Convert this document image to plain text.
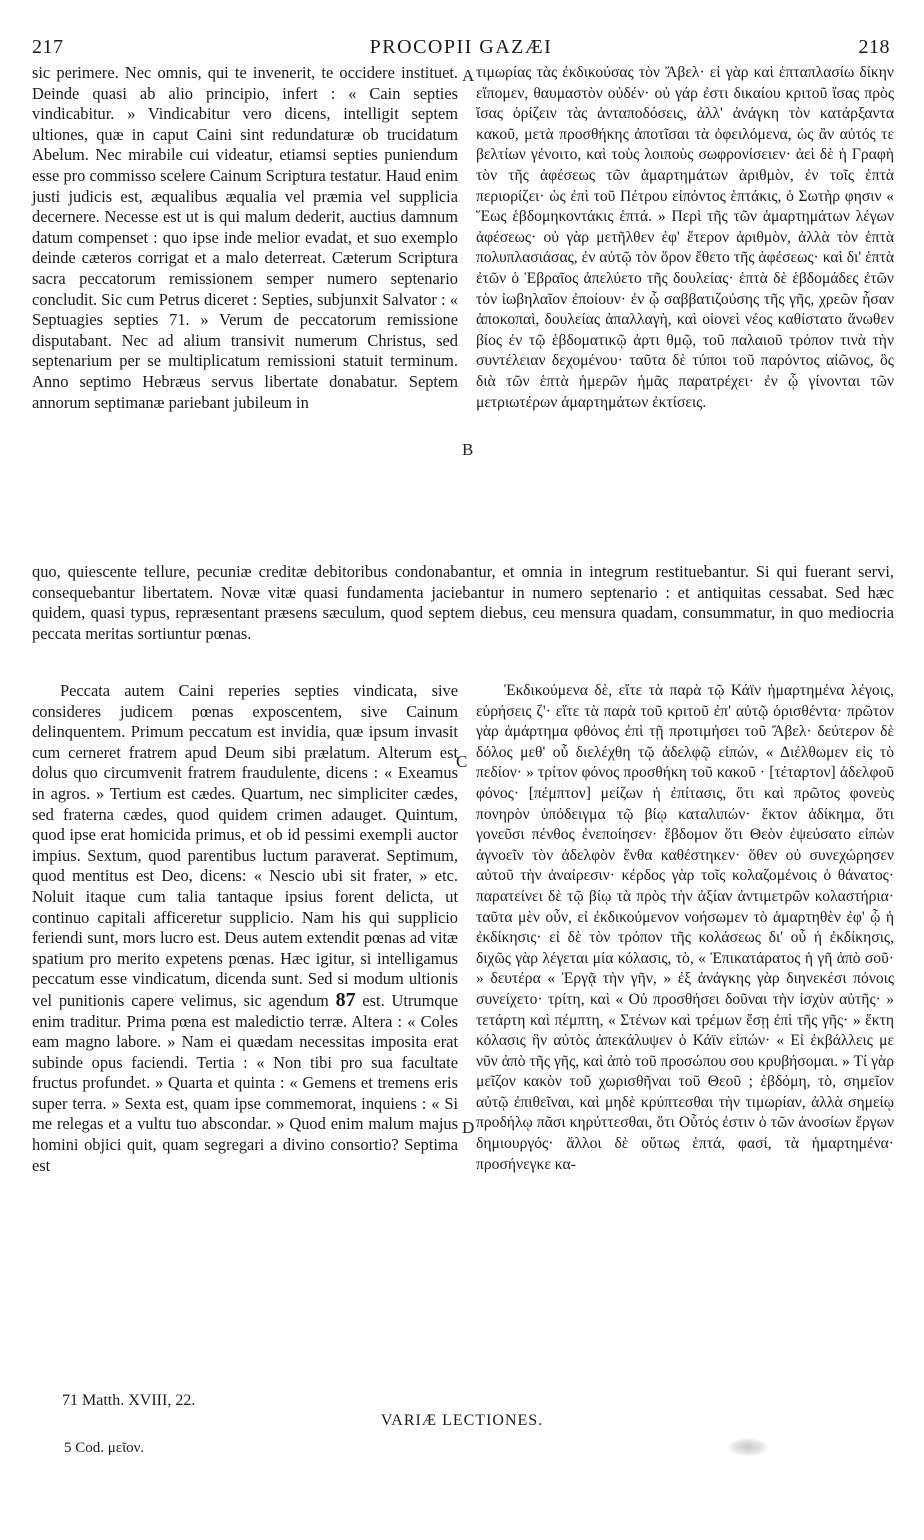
217	PROCOPII GAZÆI	218

sic perimere. Nec omnis, qui te invenerit, te occidere instituet. Deinde quasi ab alio principio, infert : « Cain septies vindicabitur. » Vindicabitur vero dicens, intelligit septem ultiones, quæ in caput Caini sint redundaturæ ob trucidatum Abelum. Nec mirabile cui videatur, etiamsi septies puniendum esse pro commisso scelere Cainum Scriptura testatur. Haud enim justi judicis est, æqualibus æqualia vel præmia vel supplicia decernere. Necesse est ut is qui malum dederit, auctius damnum datum compenset : quo ipse inde melior evadat, et suo exemplo deinde cæteros corrigat et a malo deterreat. Cæterum Scriptura sacra peccatorum remissionem semper numero septenario concludit. Sic cum Petrus diceret : Septies, subjunxit Salvator : « Septuagies septies 71. » Verum de peccatorum remissione disputabant. Nec ad alium transivit numerum Christus, sed septenarium per se multiplicatum remissioni statuit terminum. Anno septimo Hebræus servus libertate donabatur. Septem annorum septimanæ pariebant jubileum in

A τιμωρίας τὰς ἐκδικούσας τὸν Ἄβελ· εἰ γὰρ καὶ ἑπταπλασίω δίκην εἴπομεν, θαυμαστὸν οὐδέν· οὐ γάρ ἐστι δικαίου κριτοῦ ἴσας πρὸς ἴσας ὁρίζειν τὰς ἀνταποδόσεις, ἀλλ' ἀνάγκη τὸν κατάρξαντα κακοῦ, μετὰ προσθήκης ἀποτῖσαι τὰ ὀφειλόμενα, ὡς ἂν αὐτός τε βελτίων γένοιτο, καὶ τοὺς λοιποὺς σωφρονίσειεν· ἀεὶ δὲ ἡ Γραφὴ τὸν τῆς ἀφέσεως τῶν ἁμαρτημάτων ἀριθμὸν, ἐν τοῖς ἑπτὰ περιορίζει· ὡς ἐπὶ τοῦ Πέτρου εἰπόντος ἑπτάκις, ὁ Σωτὴρ φησιν « Ἕως ἑβδομηκοντάκις ἑπτά. » Περὶ τῆς τῶν ἁμαρτημάτων λέγων ἀφέσεως· οὐ γὰρ μετῆλθεν ἐφ' ἕτερον ἀριθμὸν, ἀλλὰ τὸν ἑπτὰ πολυπλασιάσας, ἐν αὐτῷ τὸν ὅρον ἔθετο τῆς ἀφέσεως· καὶ δι' ἑπτὰ ἐτῶν ὁ Ἑβραῖος ἀπελύετο τῆς δουλείας· ἑπτὰ δὲ ἑβδομάδες ἐτῶν τὸν ἰωβηλαῖον ἐποίουν· ἐν ᾧ σαββατιζούσης τῆς γῆς, χρεῶν ἦσαν ἀποκοπαὶ, δουλείας ἀπαλλαγὴ, καὶ οἱονεὶ νέος καθίστατο ἄνωθεν βίος ἐν τῷ ἑβδοματικῷ ἀρτι θμῷ, τοῦ παλαιοῦ τρόπον τινὰ τὴν συντέλειαν δεχομένου· ταῦτα δὲ τύποι τοῦ παρόντος αἰῶνος, ὃς διὰ τῶν ἑπτὰ ἡμερῶν ἡμᾶς παρατρέχει· ἐν ᾧ γίνονται τῶν μετριωτέρων ἁμαρτημάτων ἐκτίσεις.

B

quo, quiescente tellure, pecuniæ creditæ debitoribus condonabantur, et omnia in integrum restituebantur. Si qui fuerant servi, consequebantur libertatem. Novæ vitæ quasi fundamenta jaciebantur in numero septenario : et antiquitas cessabat. Sed hæc quidem, quasi typus, repræsentant præsens sæculum, quod septem diebus, ceu mensura quadam, consummatur, in quo mediocria peccata meritas sortiuntur pœnas.

Peccata autem Caini reperies septies vindicata, sive consideres judicem pœnas exposcentem, sive Cainum delinquentem. Primum peccatum est invidia, quæ ipsum invasit cum cerneret fratrem apud Deum sibi prælatum. Alterum est dolus quo circumvenit fratrem fraudulente, dicens : « Exeamus in agros. » Tertium est cædes. Quartum, nec simpliciter cædes, sed fraterna cædes, quod quidem crimen adauget. Quintum, quod ipse erat homicida primus, et ob id pessimi exempli auctor impius. Sextum, quod parentibus luctum paraverat. Septimum, quod mentitus est Deo, dicens: « Nescio ubi sit frater, » etc. Noluit itaque cum talia tantaque ipsius forent delicta, ut continuo capitali afficeretur supplicio. Nam his qui supplicio feriendi sunt, mors lucro est. Deus autem extendit pœnas ad vitæ spatium pro merito expetens pœnas. Hæc igitur, si intelligamus peccatum esse vindicatum, dicenda sunt. Sed si modum ultionis vel punitionis capere velimus, sic agendum 87 est. Utrumque enim traditur. Prima pœna est maledictio terræ. Altera : « Coles eam magno labore. » Nam ei quædam necessitas imposita erat subinde opus faciendi. Tertia : « Non tibi pro sua facultate fructus profundet. » Quarta et quinta : « Gemens et tremens eris super terra. » Sexta est, quam ipse commemorat, inquiens : « Si me relegas et a vultu tuo abscondar. » Quod enim malum majus homini objici quit, quam segregari a divino consortio? Septima est

C

Ἐκδικούμενα δὲ, εἴτε τὰ παρὰ τῷ Κάϊν ἡμαρτημένα λέγοις, εὑρήσεις ζ'· εἴτε τὰ παρὰ τοῦ κριτοῦ ἐπ' αὐτῷ ὁρισθέντα· πρῶτον γὰρ ἁμάρτημα φθόνος ἐπὶ τῇ προτιμήσει τοῦ Ἄβελ· δεύτερον δὲ δόλος μεθ' οὗ διελέχθη τῷ ἀδελφῷ εἰπών, « Διέλθωμεν εἰς τὸ πεδίον· » τρίτον φόνος προσθήκη τοῦ κακοῦ · [τέταρτον] ἀδελφοῦ φόνος· [πέμπτον] μείζων ἡ ἐπίτασις, ὅτι καὶ πρῶτος φονεὺς πονηρὸν ὑπόδειγμα τῷ βίῳ καταλιπών· ἕκτον ἀδίκημα, ὅτι γονεῦσι πένθος ἐνεποίησεν· ἕβδομον ὅτι Θεὸν ἐψεύσατο εἰπὼν ἀγνοεῖν τὸν ἀδελφὸν ἔνθα καθέστηκεν· ὅθεν οὐ συνεχώρησεν αὐτοῦ τὴν ἀναίρεσιν· κέρδος γὰρ τοῖς κολαζομένοις ὁ θάνατος· παρατείνει δὲ τῷ βίῳ τὰ πρὸς τὴν ἀξίαν ἀντιμετρῶν κολαστήρια· ταῦτα μὲν οὖν, εἰ ἐκδικούμενον νοήσωμεν τὸ ἁμαρτηθὲν ἐφ' ᾧ ἡ ἐκδίκησις· εἰ δὲ τὸν τρόπον τῆς κολάσεως δι' οὗ ἡ ἐκδίκησις, διχῶς γὰρ λέγεται μία κόλασις, τὸ, « Ἐπικατάρατος ἡ γῆ ἀπὸ σοῦ· » δευτέρα « Ἐργᾷ τὴν γῆν, » ἐξ ἀνάγκης γὰρ διηνεκέσι πόνοις συνείχετο· τρίτη, καὶ « Οὐ προσθήσει δοῦναι τὴν ἰσχὺν αὐτῆς· » τετάρτη καὶ πέμπτη, « Στένων καὶ τρέμων ἔσῃ ἐπὶ τῆς γῆς· » ἕκτη κόλασις ἣν αὐτὸς ἀπεκάλυψεν ὁ Κάϊν εἰπών· « Εἰ ἐκβάλλεις με νῦν ἀπὸ τῆς γῆς, καὶ ἀπὸ τοῦ προσώπου σου κρυβήσομαι. » Τί γὰρ μεῖζον κακὸν τοῦ χωρισθῆναι τοῦ Θεοῦ ; ἑβδόμη, τὸ, σημεῖον αὐτῷ ἐπιθεῖναι, καὶ μηδὲ κρύπτεσθαι τὴν τιμωρίαν, ἀλλὰ σημείῳ προδήλῳ πᾶσι κηρύττεσθαι, ὅτι Οὗτός ἐστιν ὁ τῶν ἀνοσίων ἔργων δημιουργός· ἄλλοι δὲ οὕτως ἑπτά, φασί, τὰ ἡμαρτημένα· προσήνεγκε κα-

D
71 Matth. XVIII, 22.
VARIÆ LECTIONES.
5 Cod. μεῖον.
